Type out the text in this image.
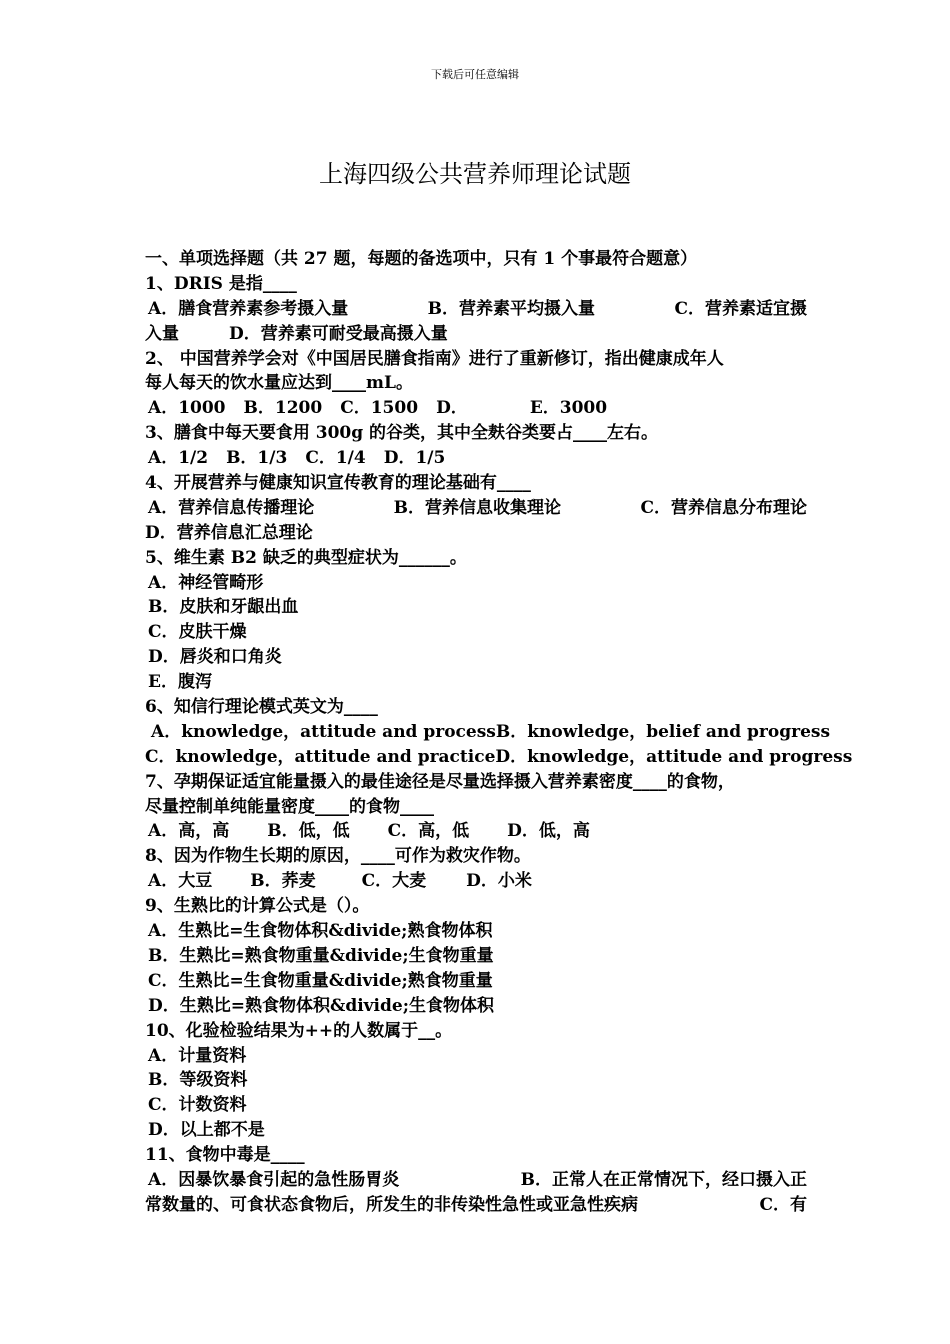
下载后可任意编辑
上海四级公共营养师理论试题
一、单项选择题（共 27 题，每题的备选项中，只有 1 个事最符合题意）
1、DRIS 是指____
A．膳食营养素参考摄入量	B．营养素平均摄入量	C．营养素适宜摄
入量	D．营养素可耐受最高摄入量
2、 中国营养学会对《中国居民膳食指南》进行了重新修订，指出健康成年人
每人每天的饮水量应达到____mL。
A．1000 B．1200 C．1500 D．	E．3000
3、膳食中每天要食用 300g 的谷类，其中全麸谷类要占____左右。
A．1/2 B．1/3 C．1/4 D．1/5
4、开展营养与健康知识宣传教育的理论基础有____
A．营养信息传播理论	B．营养信息收集理论	C．营养信息分布理论
D．营养信息汇总理论
5、维生素 B2 缺乏的典型症状为______。
A．神经管畸形
B．皮肤和牙龈出血
C．皮肤干燥
D．唇炎和口角炎
E．腹泻
6、知信行理论模式英文为____
A．knowledge，attitude and process B．knowledge，belief and progress
C．knowledge，attitude and practice D．knowledge，attitude and progress
7、孕期保证适宜能量摄入的最佳途径是尽量选择摄入营养素密度____的食物，
尽量控制单纯能量密度____的食物____
A．高，高 B．低，低 C．高，低 D．低，高
8、因为作物生长期的原因，____可作为救灾作物。
A．大豆 B．荞麦	C．大麦 D．小米
9、生熟比的计算公式是（）。
A．生熟比=生食物体积&divide;熟食物体积
B．生熟比=熟食物重量&divide;生食物重量
C．生熟比=生食物重量&divide;熟食物重量
D．生熟比=熟食物体积&divide;生食物体积
10、化验检验结果为++的人数属于__。
A．计量资料
B．等级资料
C．计数资料
D．以上都不是
11、食物中毒是____
A．因暴饮暴食引起的急性肠胃炎	B．正常人在正常情况下，经口摄入正
常数量的、可食状态食物后，所发生的非传染性急性或亚急性疾病	C．有
